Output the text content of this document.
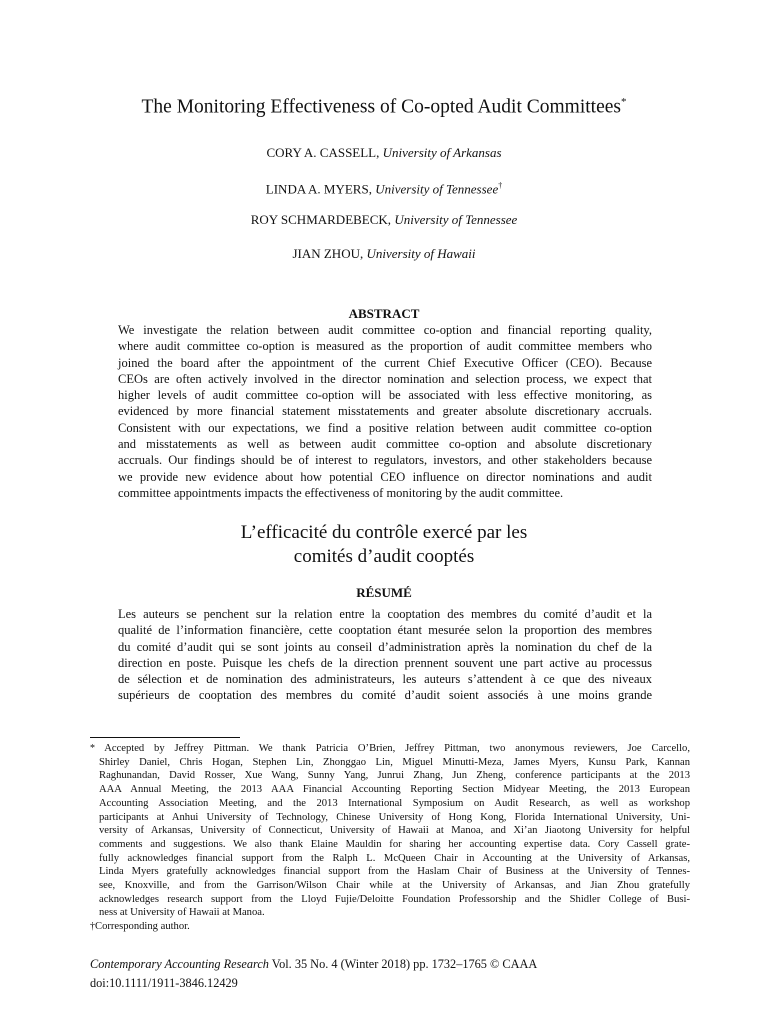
The Monitoring Effectiveness of Co-opted Audit Committees*
CORY A. CASSELL, University of Arkansas
LINDA A. MYERS, University of Tennessee†
ROY SCHMARDEBECK, University of Tennessee
JIAN ZHOU, University of Hawaii
ABSTRACT
We investigate the relation between audit committee co-option and financial reporting quality,
where audit committee co-option is measured as the proportion of audit committee members who
joined the board after the appointment of the current Chief Executive Officer (CEO). Because
CEOs are often actively involved in the director nomination and selection process, we expect that
higher levels of audit committee co-option will be associated with less effective monitoring, as
evidenced by more financial statement misstatements and greater absolute discretionary accruals.
Consistent with our expectations, we find a positive relation between audit committee co-option
and misstatements as well as between audit committee co-option and absolute discretionary
accruals. Our findings should be of interest to regulators, investors, and other stakeholders because
we provide new evidence about how potential CEO influence on director nominations and audit
committee appointments impacts the effectiveness of monitoring by the audit committee.
L’efficacité du contrôle exercé par les
comités d’audit cooptés
RÉSUMÉ
Les auteurs se penchent sur la relation entre la cooptation des membres du comité d’audit et la
qualité de l’information financière, cette cooptation étant mesurée selon la proportion des membres
du comité d’audit qui se sont joints au conseil d’administration après la nomination du chef de la
direction en poste. Puisque les chefs de la direction prennent souvent une part active au processus
de sélection et de nomination des administrateurs, les auteurs s’attendent à ce que des niveaux
supérieurs de cooptation des membres du comité d’audit soient associés à une moins grande
* Accepted by Jeffrey Pittman. We thank Patricia O’Brien, Jeffrey Pittman, two anonymous reviewers, Joe Carcello,
Shirley Daniel, Chris Hogan, Stephen Lin, Zhonggao Lin, Miguel Minutti-Meza, James Myers, Kunsu Park, Kannan
Raghunandan, David Rosser, Xue Wang, Sunny Yang, Junrui Zhang, Jun Zheng, conference participants at the 2013
AAA Annual Meeting, the 2013 AAA Financial Accounting Reporting Section Midyear Meeting, the 2013 European
Accounting Association Meeting, and the 2013 International Symposium on Audit Research, as well as workshop
participants at Anhui University of Technology, Chinese University of Hong Kong, Florida International University, Uni-
versity of Arkansas, University of Connecticut, University of Hawaii at Manoa, and Xi’an Jiaotong University for helpful
comments and suggestions. We also thank Elaine Mauldin for sharing her accounting expertise data. Cory Cassell grate-
fully acknowledges financial support from the Ralph L. McQueen Chair in Accounting at the University of Arkansas,
Linda Myers gratefully acknowledges financial support from the Haslam Chair of Business at the University of Tennes-
see, Knoxville, and from the Garrison/Wilson Chair while at the University of Arkansas, and Jian Zhou gratefully
acknowledges research support from the Lloyd Fujie/Deloitte Foundation Professorship and the Shidler College of Busi-
ness at University of Hawaii at Manoa.
†Corresponding author.
Contemporary Accounting Research Vol. 35 No. 4 (Winter 2018) pp. 1732–1765 © CAAA
doi:10.1111/1911-3846.12429
